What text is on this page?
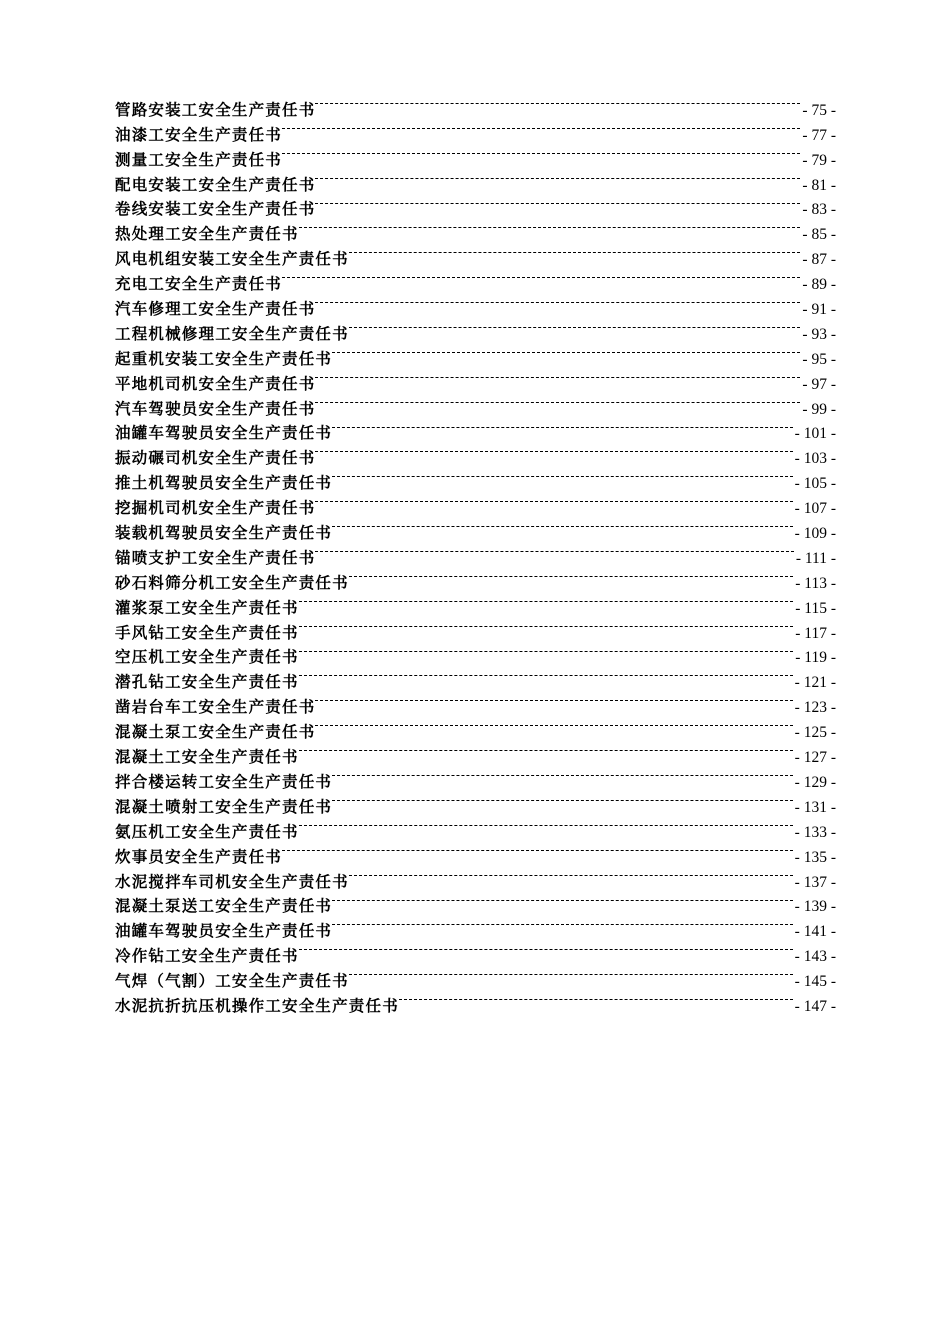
管路安装工安全生产责任书	- 75 -
油漆工安全生产责任书	- 77 -
测量工安全生产责任书	- 79 -
配电安装工安全生产责任书	- 81 -
卷线安装工安全生产责任书	- 83 -
热处理工安全生产责任书	- 85 -
风电机组安装工安全生产责任书	- 87 -
充电工安全生产责任书	- 89 -
汽车修理工安全生产责任书	- 91 -
工程机械修理工安全生产责任书	- 93 -
起重机安装工安全生产责任书	- 95 -
平地机司机安全生产责任书	- 97 -
汽车驾驶员安全生产责任书	- 99 -
油罐车驾驶员安全生产责任书	- 101 -
振动碾司机安全生产责任书	- 103 -
推土机驾驶员安全生产责任书	- 105 -
挖掘机司机安全生产责任书	- 107 -
装载机驾驶员安全生产责任书	- 109 -
锚喷支护工安全生产责任书	- 111 -
砂石料筛分机工安全生产责任书	- 113 -
灌浆泵工安全生产责任书	- 115 -
手风钻工安全生产责任书	- 117 -
空压机工安全生产责任书	- 119 -
潜孔钻工安全生产责任书	- 121 -
凿岩台车工安全生产责任书	- 123 -
混凝土泵工安全生产责任书	- 125 -
混凝土工安全生产责任书	- 127 -
拌合楼运转工安全生产责任书	- 129 -
混凝土喷射工安全生产责任书	- 131 -
氨压机工安全生产责任书	- 133 -
炊事员安全生产责任书	- 135 -
水泥搅拌车司机安全生产责任书	- 137 -
混凝土泵送工安全生产责任书	- 139 -
油罐车驾驶员安全生产责任书	- 141 -
冷作钻工安全生产责任书	- 143 -
气焊（气割）工安全生产责任书	- 145 -
水泥抗折抗压机操作工安全生产责任书	- 147 -
